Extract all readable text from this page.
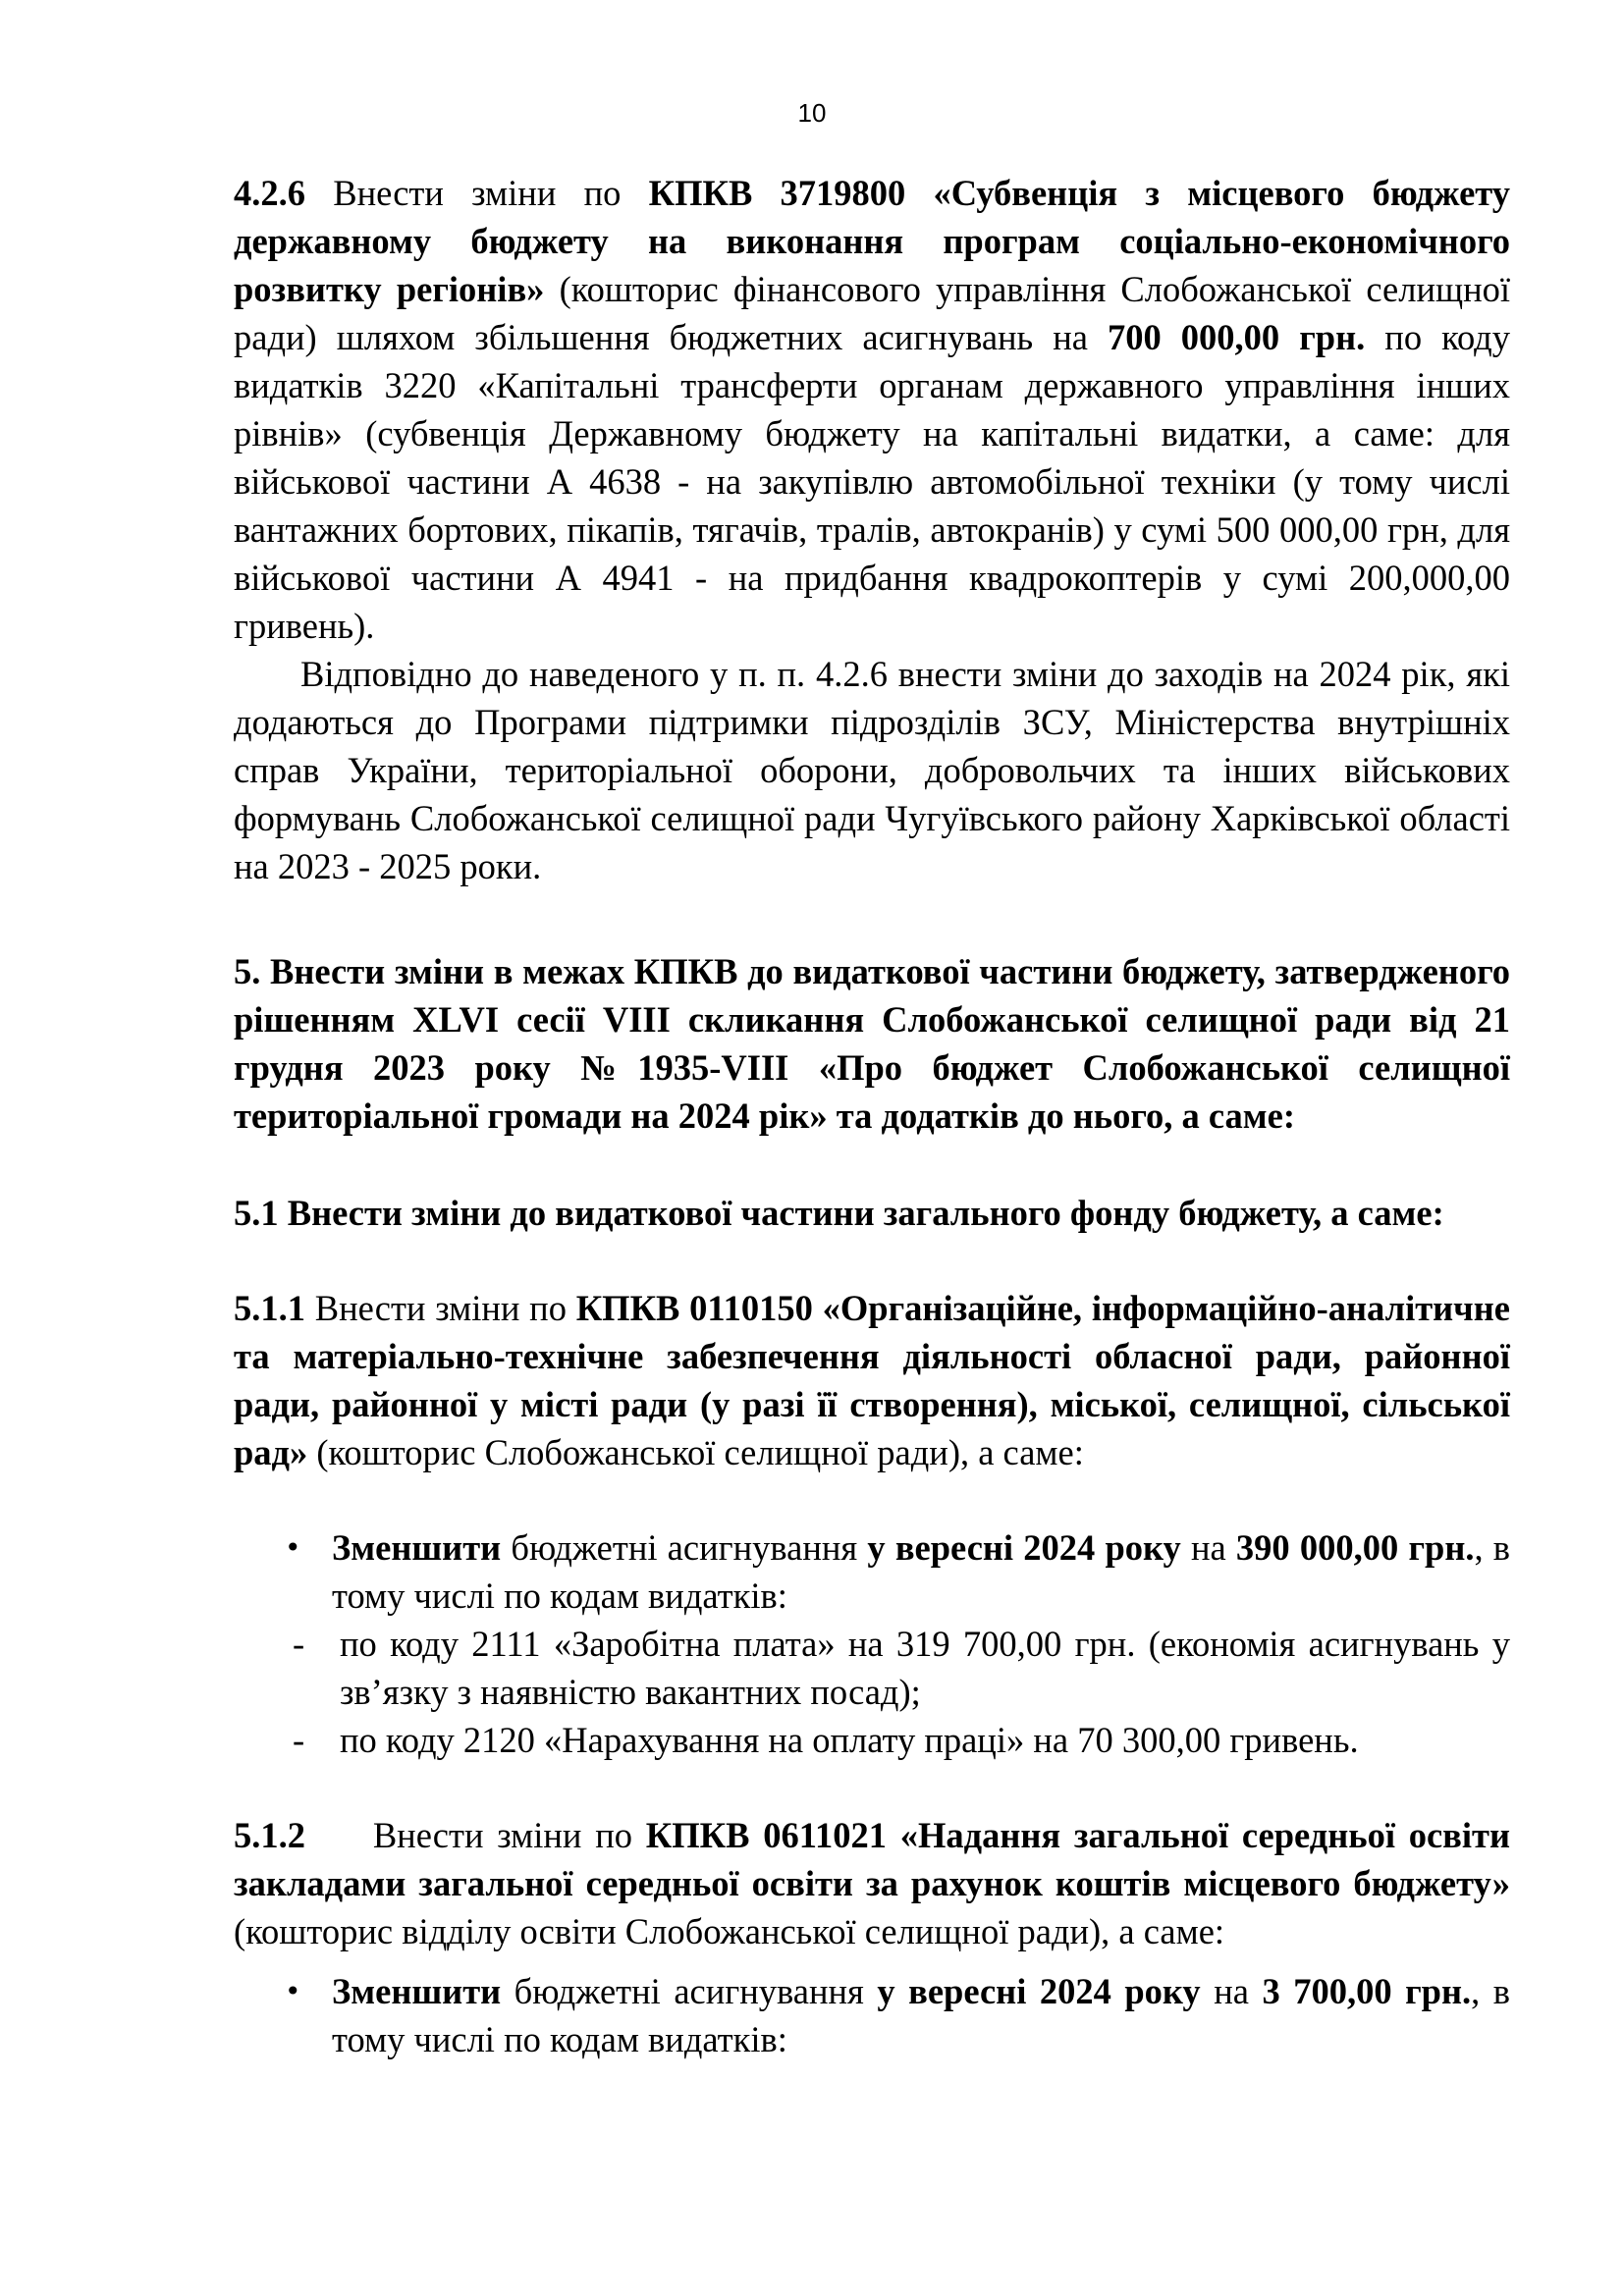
10

4.2.6 Внести зміни по КПКВ 3719800 «Субвенція з місцевого бюджету державному бюджету на виконання програм соціально-економічного розвитку регіонів» (кошторис фінансового управління Слобожанської селищної ради) шляхом збільшення бюджетних асигнувань на 700 000,00 грн. по коду видатків 3220 «Капітальні трансферти органам державного управління інших рівнів» (субвенція Державному бюджету на капітальні видатки, а саме: для військової частини А 4638 - на закупівлю автомобільної техніки (у тому числі вантажних бортових, пікапів, тягачів, тралів, автокранів) у сумі 500 000,00 грн, для військової частини А 4941 - на придбання квадрокоптерів у сумі 200,000,00 гривень).

Відповідно до наведеного у п. п. 4.2.6 внести зміни до заходів на 2024 рік, які додаються до Програми підтримки підрозділів ЗСУ, Міністерства внутрішніх справ України, територіальної оборони, добровольчих та інших військових формувань Слобожанської селищної ради Чугуївського району Харківської області на 2023 - 2025 роки.

5. Внести зміни в межах КПКВ до видаткової частини бюджету, затвердженого рішенням XLVI сесії VIII скликання Слобожанської селищної ради від 21 грудня 2023 року №1935-VIII «Про бюджет Слобожанської селищної територіальної громади на 2024 рік» та додатків до нього, а саме:

5.1 Внести зміни до видаткової частини загального фонду бюджету, а саме:

5.1.1 Внести зміни по КПКВ 0110150 «Організаційне, інформаційно-аналітичне та матеріально-технічне забезпечення діяльності обласної ради, районної ради, районної у місті ради (у разі її створення), міської, селищної, сільської рад» (кошторис Слобожанської селищної ради), а саме:

• Зменшити бюджетні асигнування у вересні 2024 року на 390 000,00 грн., в тому числі по кодам видатків:

- по коду 2111 «Заробітна плата» на 319 700,00 грн. (економія асигнувань у зв’язку з наявністю вакантних посад);

- по коду 2120 «Нарахування на оплату праці» на 70 300,00 гривень.

5.1.2     Внести зміни по КПКВ 0611021 «Надання загальної середньої освіти закладами загальної середньої освіти за рахунок коштів місцевого бюджету» (кошторис відділу освіти Слобожанської селищної ради), а саме:

• Зменшити бюджетні асигнування у вересні 2024 року на 3 700,00 грн., в тому числі по кодам видатків:
